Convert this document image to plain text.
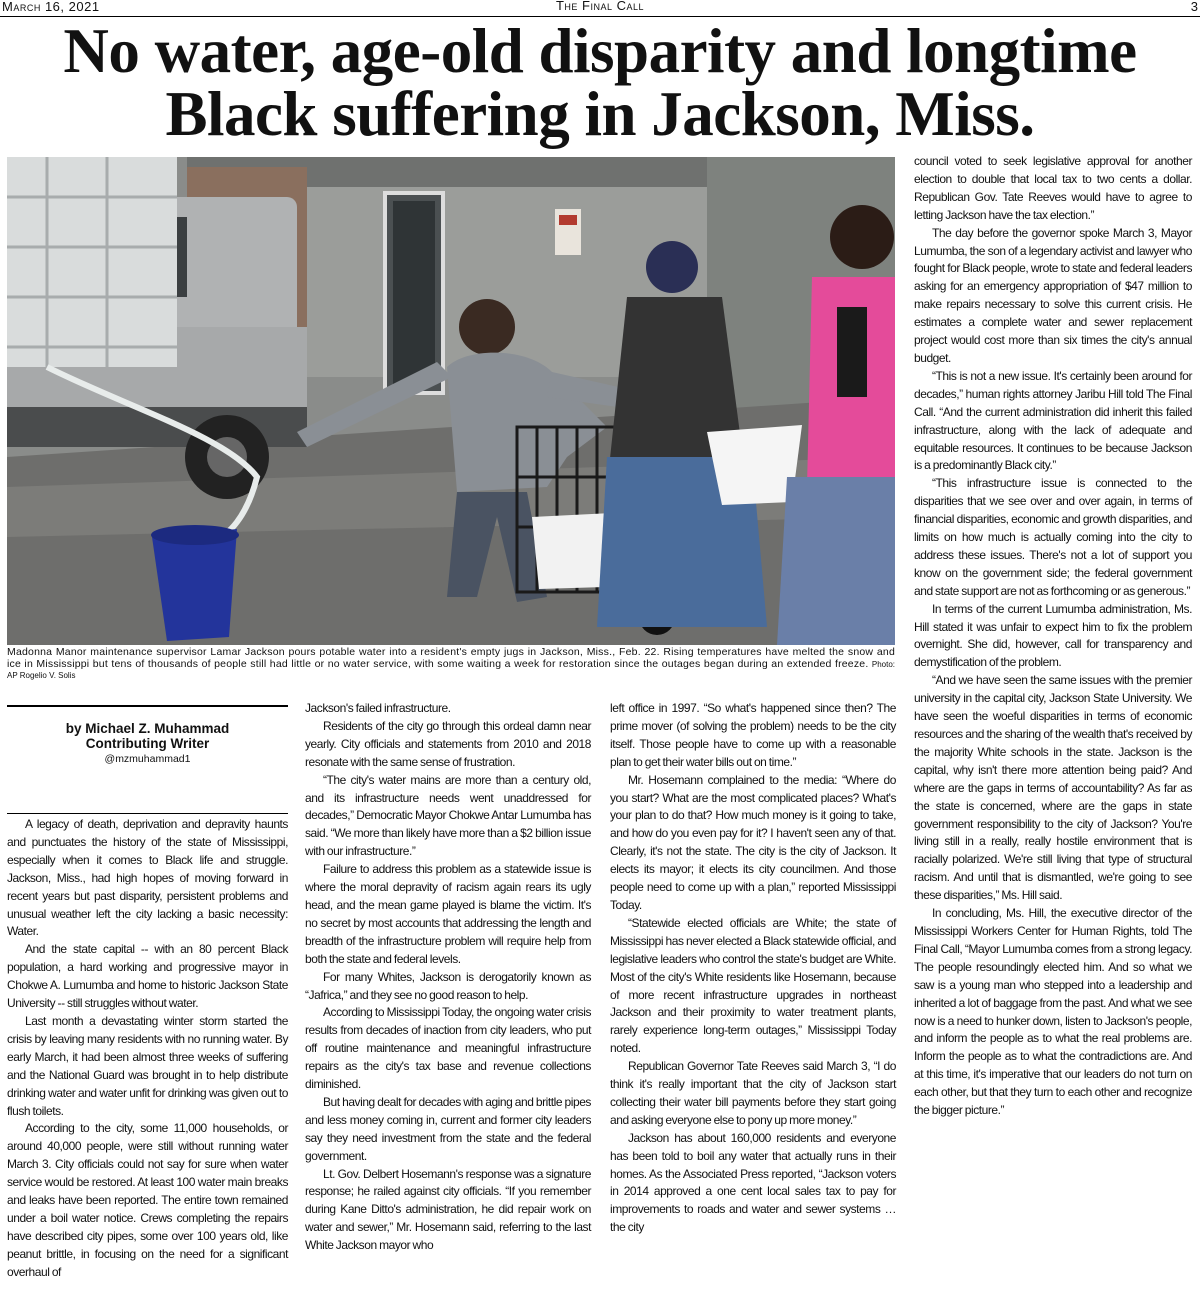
March 16, 2021	The Final Call	3
No water, age-old disparity and longtime
Black suffering in Jackson, Miss.
Madonna Manor maintenance supervisor Lamar Jackson pours potable water into a resident's empty jugs in Jackson, Miss., Feb. 22. Rising temperatures have melted the snow and ice in Mississippi but tens of thousands of people still had little or no water service, with some waiting a week for restoration since the outages began during an extended freeze. Photo: AP Rogelio V. Solis
by Michael Z. Muhammad
Contributing Writer
@mzmuhammad1

A legacy of death, deprivation and depravity haunts and punctuates the history of the state of Mississippi, especially when it comes to Black life and struggle. Jackson, Miss., had high hopes of moving forward in recent years but past disparity, persistent problems and unusual weather left the city lacking a basic necessity: Water.

And the state capital -- with an 80 percent Black population, a hard working and progressive mayor in Chokwe A. Lumumba and home to historic Jackson State University -- still struggles without water.

Last month a devastating winter storm started the crisis by leaving many residents with no running water. By early March, it had been almost three weeks of suffering and the National Guard was brought in to help distribute drinking water and water unfit for drinking was given out to flush toilets.

According to the city, some 11,000 households, or around 40,000 people, were still without running water March 3. City officials could not say for sure when water service would be restored. At least 100 water main breaks and leaks have been reported. The entire town remained under a boil water notice. Crews completing the repairs have described city pipes, some over 100 years old, like peanut brittle, in focusing on the need for a significant overhaul of

Jackson's failed infrastructure.

Residents of the city go through this ordeal damn near yearly. City officials and statements from 2010 and 2018 resonate with the same sense of frustration.

“The city's water mains are more than a century old, and its infrastructure needs went unaddressed for decades,” Democratic Mayor Chokwe Antar Lumumba has said. “We more than likely have more than a $2 billion issue with our infrastructure.”

Failure to address this problem as a statewide issue is where the moral depravity of racism again rears its ugly head, and the mean game played is blame the victim. It's no secret by most accounts that addressing the length and breadth of the infrastructure problem will require help from both the state and federal levels.

For many Whites, Jackson is derogatorily known as “Jafrica,” and they see no good reason to help.

According to Mississippi Today, the ongoing water crisis results from decades of inaction from city leaders, who put off routine maintenance and meaningful infrastructure repairs as the city's tax base and revenue collections diminished.

But having dealt for decades with aging and brittle pipes and less money coming in, current and former city leaders say they need investment from the state and the federal government.

Lt. Gov. Delbert Hosemann's response was a signature response; he railed against city officials. “If you remember during Kane Ditto's administration, he did repair work on water and sewer,” Mr. Hosemann said, referring to the last White Jackson mayor who

left office in 1997. “So what's happened since then? The prime mover (of solving the problem) needs to be the city itself. Those people have to come up with a reasonable plan to get their water bills out on time.”

Mr. Hosemann complained to the media: “Where do you start? What are the most complicated places? What's your plan to do that? How much money is it going to take, and how do you even pay for it? I haven't seen any of that. Clearly, it's not the state. The city is the city of Jackson. It elects its mayor; it elects its city councilmen. And those people need to come up with a plan,” reported Mississippi Today.

“Statewide elected officials are White; the state of Mississippi has never elected a Black statewide official, and legislative leaders who control the state's budget are White. Most of the city's White residents like Hosemann, because of more recent infrastructure upgrades in northeast Jackson and their proximity to water treatment plants, rarely experience long-term outages,” Mississippi Today noted.

Republican Governor Tate Reeves said March 3, “I do think it's really important that the city of Jackson start collecting their water bill payments before they start going and asking everyone else to pony up more money.”

Jackson has about 160,000 residents and everyone has been told to boil any water that actually runs in their homes. As the Associated Press reported, “Jackson voters in 2014 approved a one cent local sales tax to pay for improvements to roads and water and sewer systems … the city

council voted to seek legislative approval for another election to double that local tax to two cents a dollar. Republican Gov. Tate Reeves would have to agree to letting Jackson have the tax election.”

The day before the governor spoke March 3, Mayor Lumumba, the son of a legendary activist and lawyer who fought for Black people, wrote to state and federal leaders asking for an emergency appropriation of $47 million to make repairs necessary to solve this current crisis. He estimates a complete water and sewer replacement project would cost more than six times the city's annual budget.

“This is not a new issue. It's certainly been around for decades,” human rights attorney Jaribu Hill told The Final Call. “And the current administration did inherit this failed infrastructure, along with the lack of adequate and equitable resources. It continues to be because Jackson is a predominantly Black city.”

“This infrastructure issue is connected to the disparities that we see over and over again, in terms of financial disparities, economic and growth disparities, and limits on how much is actually coming into the city to address these issues. There's not a lot of support you know on the government side; the federal government and state support are not as forthcoming or as generous.”

In terms of the current Lumumba administration, Ms. Hill stated it was unfair to expect him to fix the problem overnight. She did, however, call for transparency and demystification of the problem.

“And we have seen the same issues with the premier university in the capital city, Jackson State University. We have seen the woeful disparities in terms of economic resources and the sharing of the wealth that's received by the majority White schools in the state. Jackson is the capital, why isn't there more attention being paid? And where are the gaps in terms of accountability? As far as the state is concerned, where are the gaps in state government responsibility to the city of Jackson? You're living still in a really, really hostile environment that is racially polarized. We're still living that type of structural racism. And until that is dismantled, we're going to see these disparities,” Ms. Hill said.

In concluding, Ms. Hill, the executive director of the Mississippi Workers Center for Human Rights, told The Final Call, “Mayor Lumumba comes from a strong legacy. The people resoundingly elected him. And so what we saw is a young man who stepped into a leadership and inherited a lot of baggage from the past. And what we see now is a need to hunker down, listen to Jackson's people, and inform the people as to what the real problems are. Inform the people as to what the contradictions are. And at this time, it's imperative that our leaders do not turn on each other, but that they turn to each other and recognize the bigger picture.”
